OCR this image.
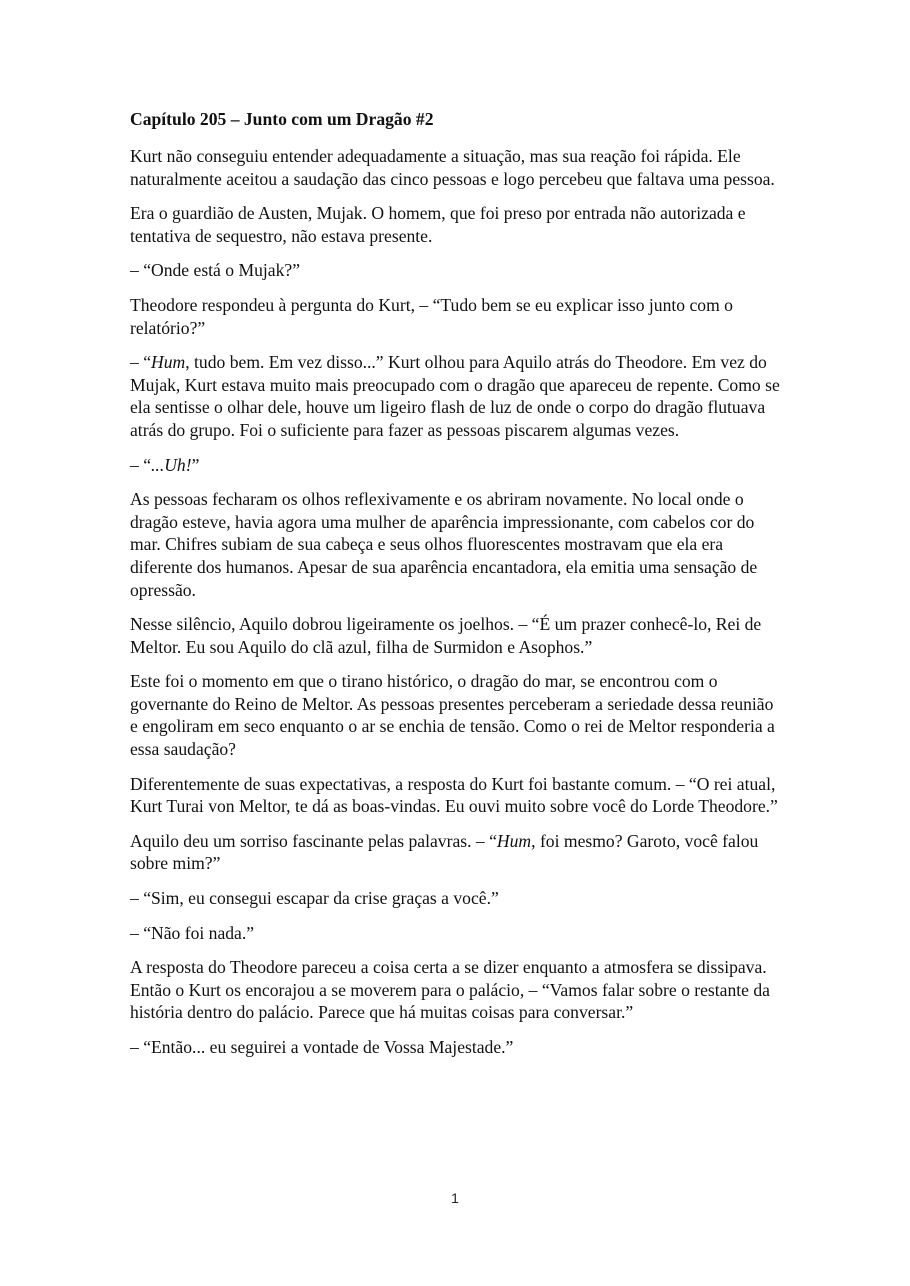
Capítulo 205 – Junto com um Dragão #2

Kurt não conseguiu entender adequadamente a situação, mas sua reação foi rápida. Ele naturalmente aceitou a saudação das cinco pessoas e logo percebeu que faltava uma pessoa.

Era o guardião de Austen, Mujak. O homem, que foi preso por entrada não autorizada e tentativa de sequestro, não estava presente.

– “Onde está o Mujak?”

Theodore respondeu à pergunta do Kurt, – “Tudo bem se eu explicar isso junto com o relatório?”

– “Hum, tudo bem. Em vez disso...” Kurt olhou para Aquilo atrás do Theodore. Em vez do Mujak, Kurt estava muito mais preocupado com o dragão que apareceu de repente. Como se ela sentisse o olhar dele, houve um ligeiro flash de luz de onde o corpo do dragão flutuava atrás do grupo. Foi o suficiente para fazer as pessoas piscarem algumas vezes.

– “...Uh!”

As pessoas fecharam os olhos reflexivamente e os abriram novamente. No local onde o dragão esteve, havia agora uma mulher de aparência impressionante, com cabelos cor do mar. Chifres subiam de sua cabeça e seus olhos fluorescentes mostravam que ela era diferente dos humanos. Apesar de sua aparência encantadora, ela emitia uma sensação de opressão.

Nesse silêncio, Aquilo dobrou ligeiramente os joelhos. – “É um prazer conhecê-lo, Rei de Meltor. Eu sou Aquilo do clã azul, filha de Surmidon e Asophos.”

Este foi o momento em que o tirano histórico, o dragão do mar, se encontrou com o governante do Reino de Meltor. As pessoas presentes perceberam a seriedade dessa reunião e engoliram em seco enquanto o ar se enchia de tensão. Como o rei de Meltor responderia a essa saudação?

Diferentemente de suas expectativas, a resposta do Kurt foi bastante comum. – “O rei atual, Kurt Turai von Meltor, te dá as boas-vindas. Eu ouvi muito sobre você do Lorde Theodore.”

Aquilo deu um sorriso fascinante pelas palavras. – “Hum, foi mesmo? Garoto, você falou sobre mim?”

– “Sim, eu consegui escapar da crise graças a você.”

– “Não foi nada.”

A resposta do Theodore pareceu a coisa certa a se dizer enquanto a atmosfera se dissipava. Então o Kurt os encorajou a se moverem para o palácio, – “Vamos falar sobre o restante da história dentro do palácio. Parece que há muitas coisas para conversar.”

– “Então... eu seguirei a vontade de Vossa Majestade.”

1
